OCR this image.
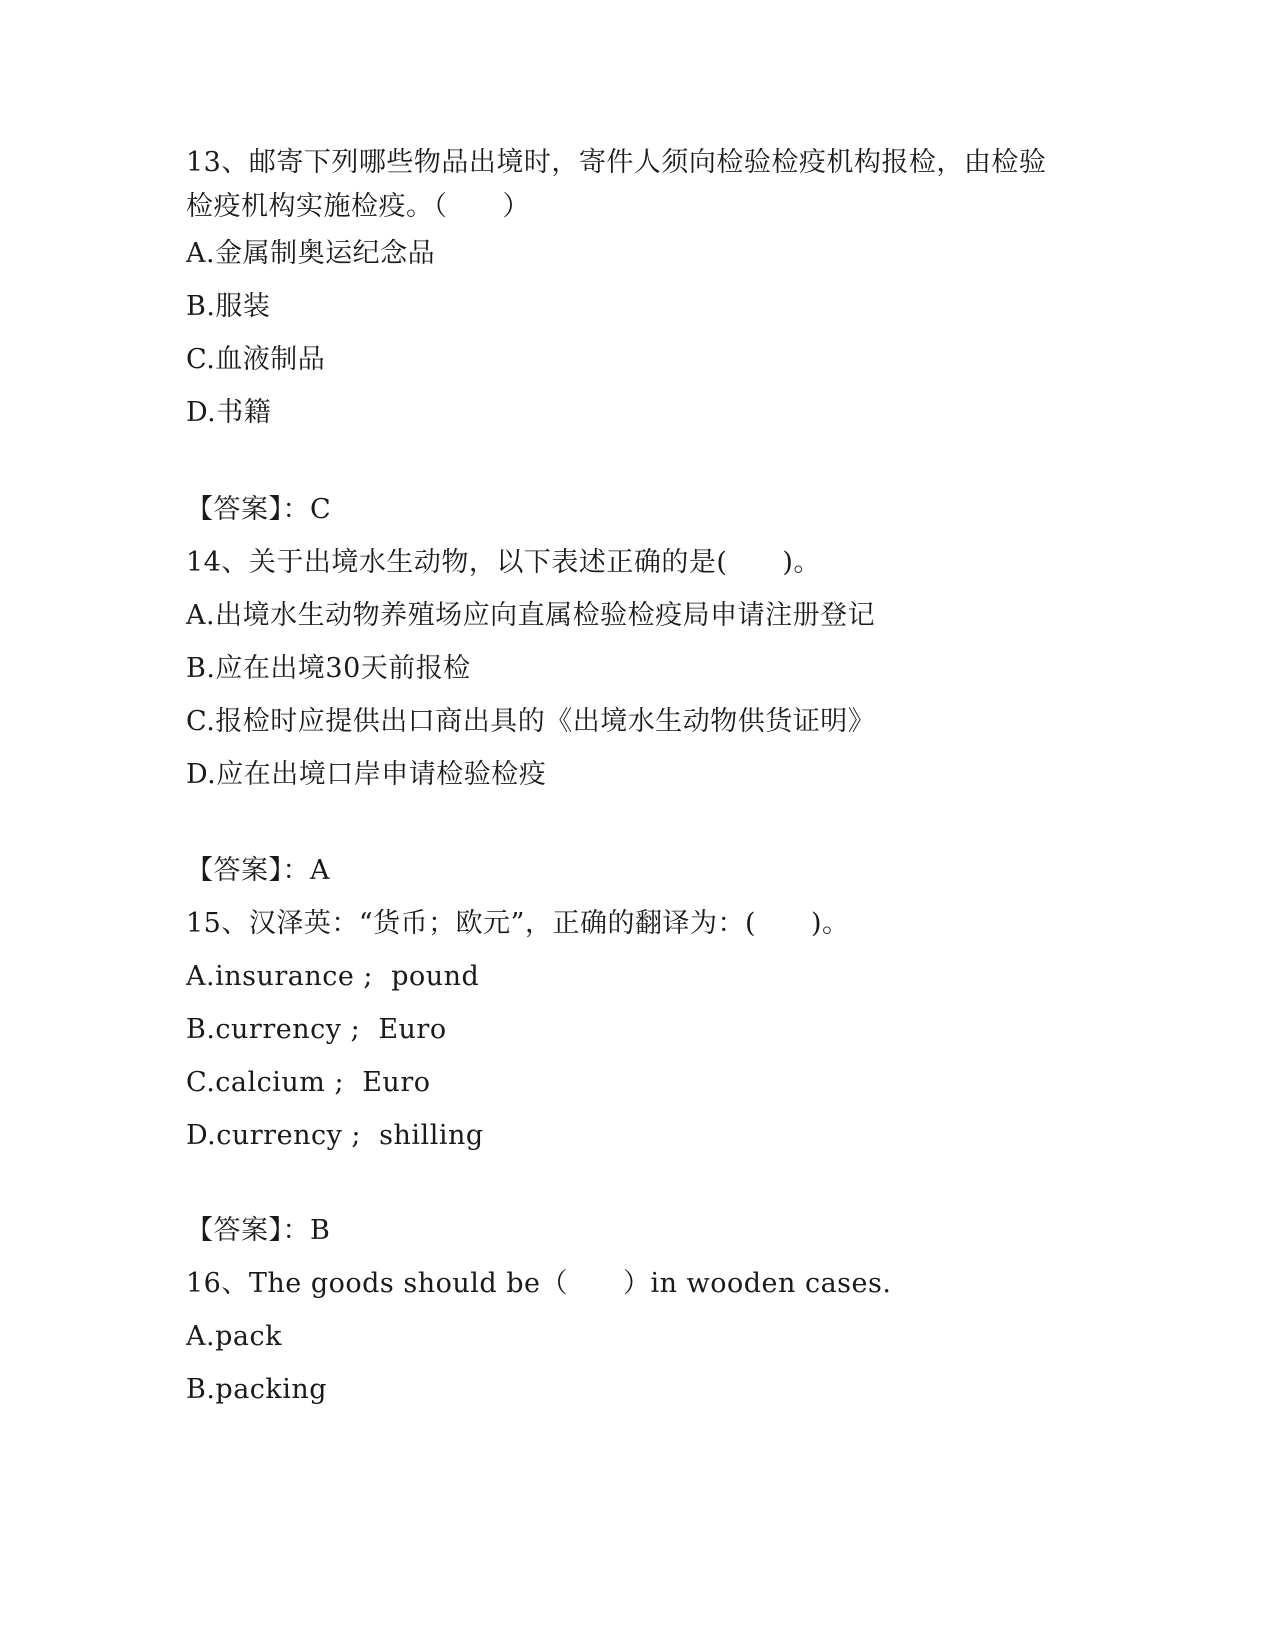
13、邮寄下列哪些物品出境时，寄件人须向检验检疫机构报检，由检验检疫机构实施检疫。（　　）
A.金属制奥运纪念品
B.服装
C.血液制品
D.书籍
【答案】：C
14、关于出境水生动物，以下表述正确的是(　　)。
A.出境水生动物养殖场应向直属检验检疫局申请注册登记
B.应在出境30天前报检
C.报检时应提供出口商出具的《出境水生动物供货证明》
D.应在出境口岸申请检验检疫
【答案】：A
15、汉泽英：“货币；欧元”，正确的翻译为：(　　)。
A.insurance ;  pound
B.currency ;  Euro
C.calcium ;  Euro
D.currency ;  shilling
【答案】：B
16、The goods should be（　　）in wooden cases.
A.pack
B.packing
